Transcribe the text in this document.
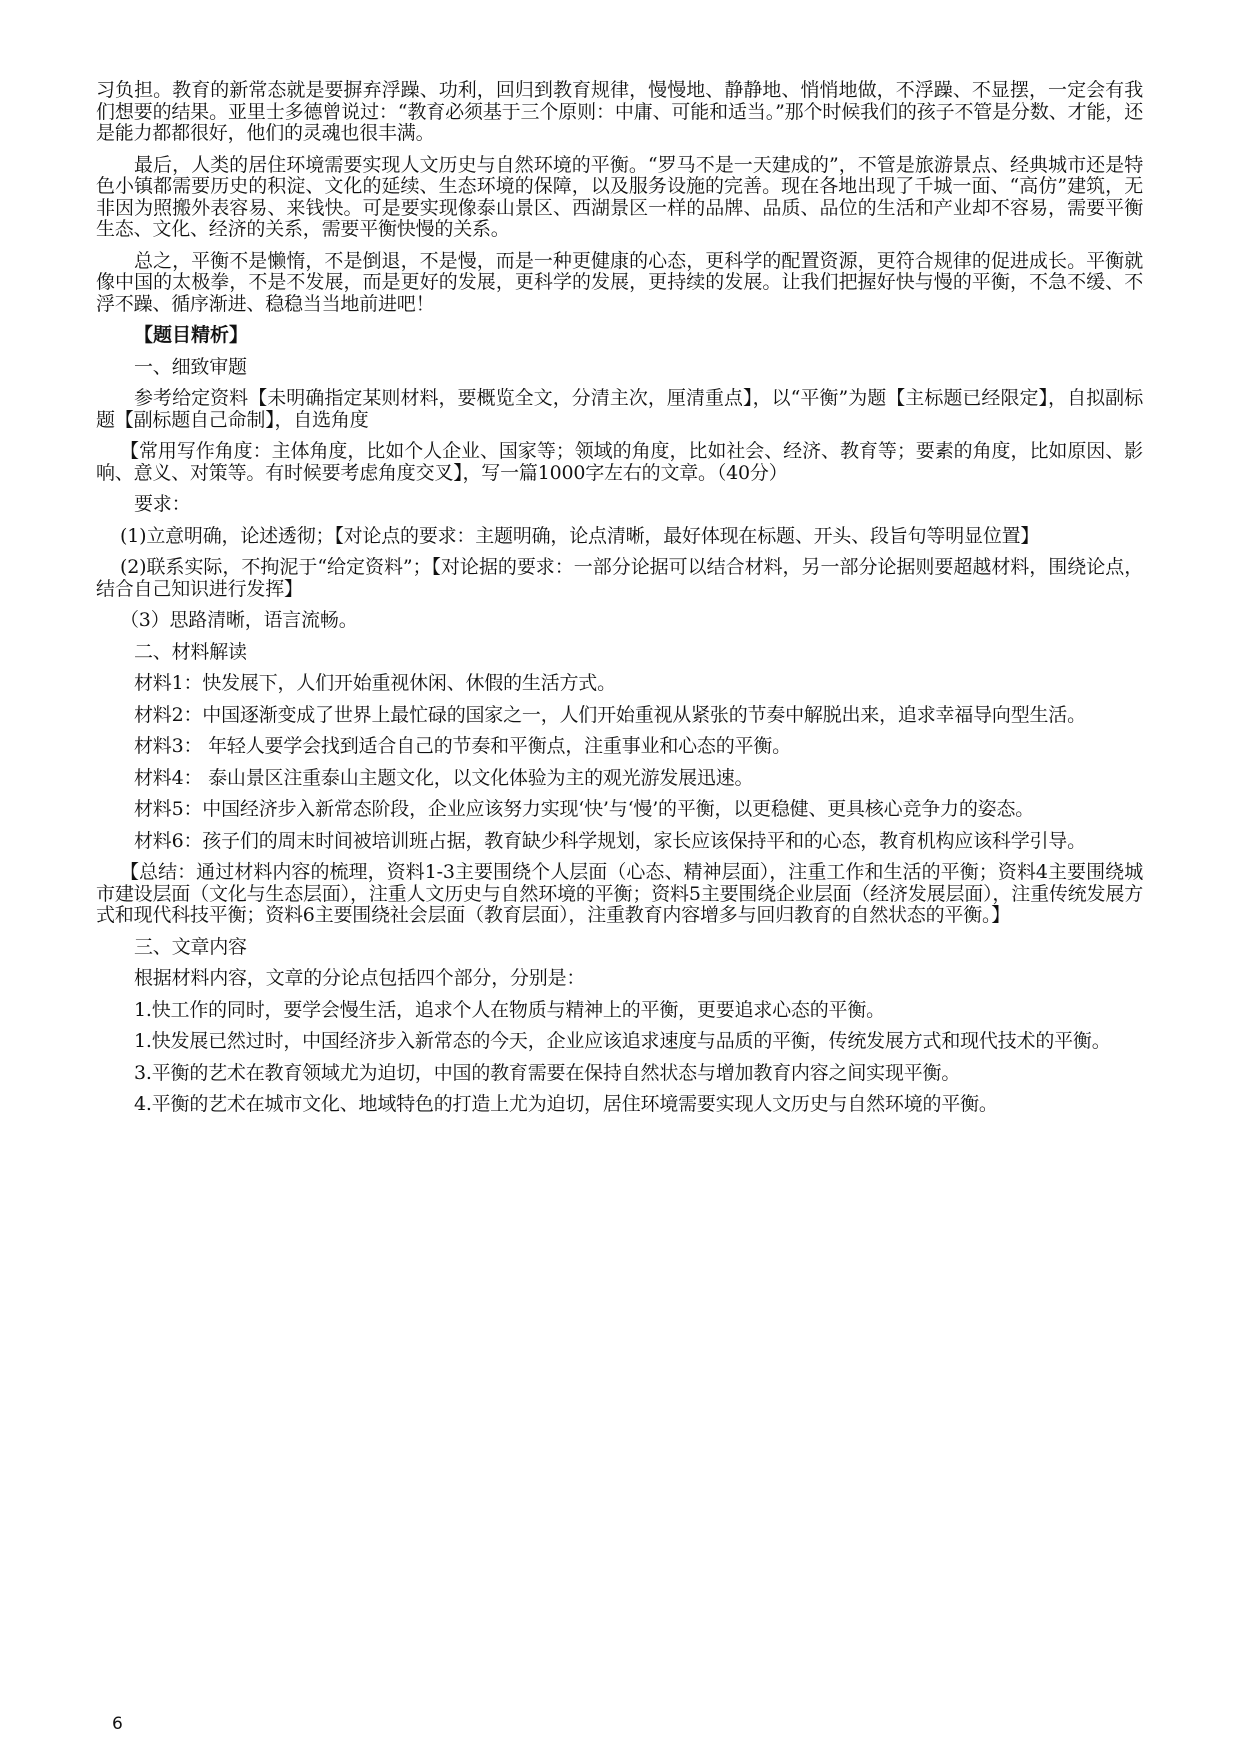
习负担。教育的新常态就是要摒弃浮躁、功利，回归到教育规律，慢慢地、静静地、悄悄地做，不浮躁、不显摆，一定会有我们想要的结果。亚里士多德曾说过：“教育必须基于三个原则：中庸、可能和适当。”那个时候我们的孩子不管是分数、才能，还是能力都都很好，他们的灵魂也很丰满。

最后，人类的居住环境需要实现人文历史与自然环境的平衡。“罗马不是一天建成的”，不管是旅游景点、经典城市还是特色小镇都需要历史的积淀、文化的延续、生态环境的保障，以及服务设施的完善。现在各地出现了千城一面、“高仿”建筑，无非因为照搬外表容易、来钱快。可是要实现像泰山景区、西湖景区一样的品牌、品质、品位的生活和产业却不容易，需要平衡生态、文化、经济的关系，需要平衡快慢的关系。

总之，平衡不是懒惰，不是倒退，不是慢，而是一种更健康的心态，更科学的配置资源，更符合规律的促进成长。平衡就像中国的太极拳，不是不发展，而是更好的发展，更科学的发展，更持续的发展。让我们把握好快与慢的平衡，不急不缓、不浮不躁、循序渐进、稳稳当当地前进吧！

【题目精析】

一、细致审题

参考给定资料【未明确指定某则材料，要概览全文，分清主次，厘清重点】，以“平衡”为题【主标题已经限定】，自拟副标题【副标题自己命制】，自选角度

【常用写作角度：主体角度，比如个人企业、国家等；领域的角度，比如社会、经济、教育等；要素的角度，比如原因、影响、意义、对策等。有时候要考虑角度交叉】，写一篇1000字左右的文章。（40分）

要求：

(1)立意明确，论述透彻；【对论点的要求：主题明确，论点清晰，最好体现在标题、开头、段旨句等明显位置】

(2)联系实际，不拘泥于“给定资料”；【对论据的要求：一部分论据可以结合材料，另一部分论据则要超越材料，围绕论点，结合自己知识进行发挥】

（3）思路清晰，语言流畅。

二、材料解读

材料1：快发展下，人们开始重视休闲、休假的生活方式。

材料2：中国逐渐变成了世界上最忙碌的国家之一，人们开始重视从紧张的节奏中解脱出来，追求幸福导向型生活。

材料3： 年轻人要学会找到适合自己的节奏和平衡点，注重事业和心态的平衡。

材料4： 泰山景区注重泰山主题文化，以文化体验为主的观光游发展迅速。

材料5：中国经济步入新常态阶段，企业应该努力实现‘快’与‘慢’的平衡，以更稳健、更具核心竞争力的姿态。

材料6：孩子们的周末时间被培训班占据，教育缺少科学规划，家长应该保持平和的心态，教育机构应该科学引导。

【总结：通过材料内容的梳理，资料1-3主要围绕个人层面（心态、精神层面），注重工作和生活的平衡；资料4主要围绕城市建设层面（文化与生态层面），注重人文历史与自然环境的平衡；资料5主要围绕企业层面（经济发展层面），注重传统发展方式和现代科技平衡；资料6主要围绕社会层面（教育层面），注重教育内容增多与回归教育的自然状态的平衡。】

三、文章内容

根据材料内容，文章的分论点包括四个部分，分别是：

1.快工作的同时，要学会慢生活，追求个人在物质与精神上的平衡，更要追求心态的平衡。

1.快发展已然过时，中国经济步入新常态的今天，企业应该追求速度与品质的平衡，传统发展方式和现代技术的平衡。

3.平衡的艺术在教育领域尤为迫切，中国的教育需要在保持自然状态与增加教育内容之间实现平衡。

4.平衡的艺术在城市文化、地域特色的打造上尤为迫切，居住环境需要实现人文历史与自然环境的平衡。

6
